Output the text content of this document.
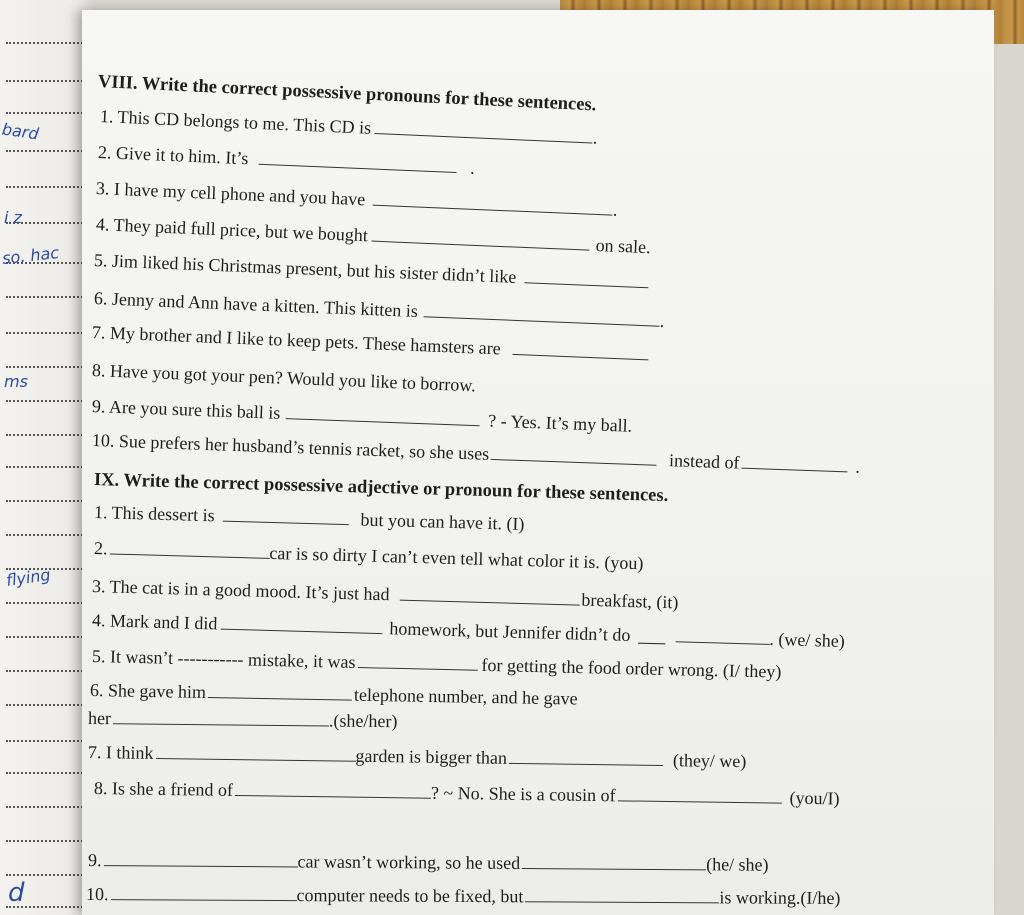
bard
i z
so, hac
ms
flying
d
VIII. Write the correct possessive pronouns for these sentences.
1. This CD belongs to me. This CD is	.
2. Give it to him. It’s	.
3. I have my cell phone and you have.
4. They paid full price, but we boughton sale.
5. Jim liked his Christmas present, but his sister didn’t like
6. Jenny and Ann have a kitten. This kitten is	.
7. My brother and I like to keep pets. These hamsters are
8. Have you got your pen? Would you like to borrow.
9. Are you sure this ball is? - Yes. It’s my ball.
10. Sue prefers her husband’s tennis racket, so she uses	instead of	.
IX. Write the correct possessive adjective or pronoun for these sentences.
1. This dessert is	but you can have it. (I)
2.	car is so dirty I can’t even tell what color it is. (you)
3. The cat is in a good mood. It’s just had	breakfast, (it)
4. Mark and I did	homework, but Jennifer didn’t do ___	. (we/ she)
5. It wasn’t ----------- mistake, it was	for getting the food order wrong. (I/ they)
6. She gave him	telephone number, and he gave
her	.(she/her)
7. I think	garden is bigger than	(they/ we)
8. Is she a friend of	? ~ No. She is a cousin of	(you/I)
9.	car wasn’t working, so he used	(he/ she)
10.	computer needs to be fixed, but	is working.(I/he)
